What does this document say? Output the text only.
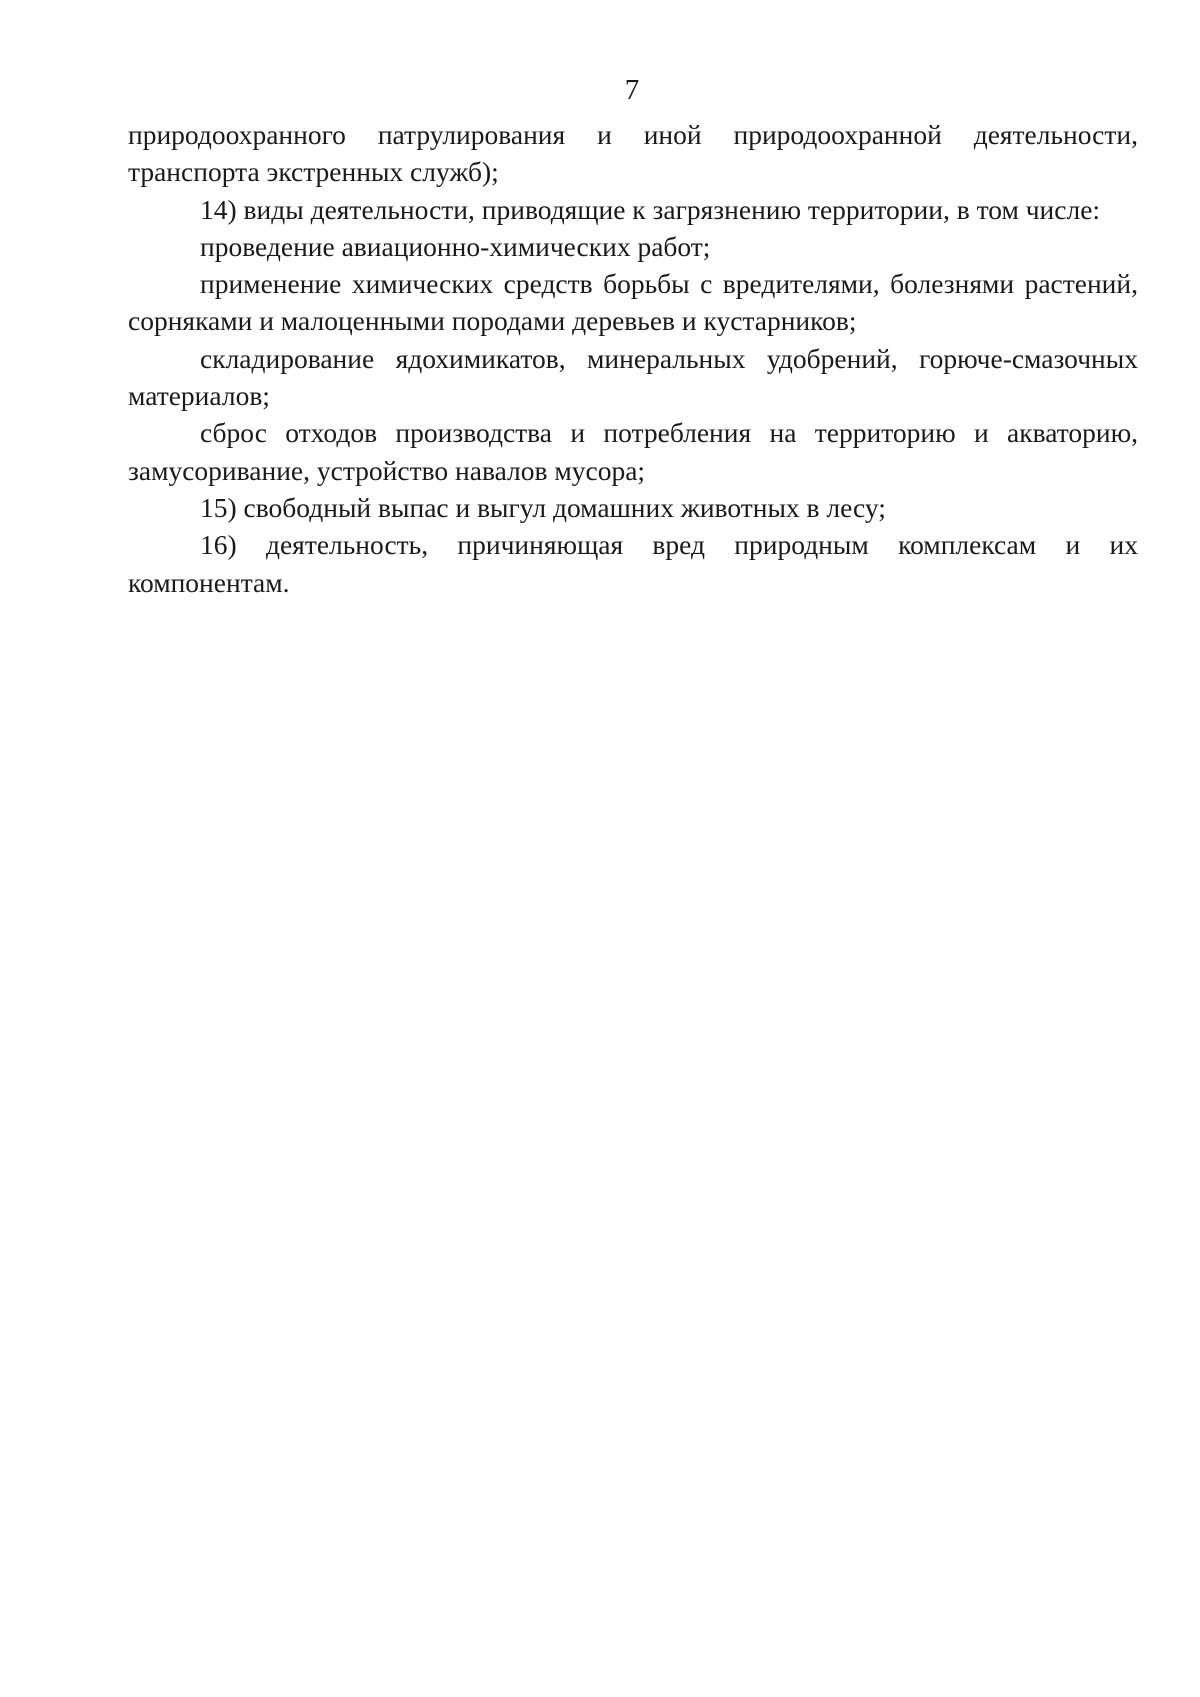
7

природоохранного патрулирования и иной природоохранной деятельности, транспорта экстренных служб);

14) виды деятельности, приводящие к загрязнению территории, в том числе:

проведение авиационно-химических работ;

применение химических средств борьбы с вредителями, болезнями растений, сорняками и малоценными породами деревьев и кустарников;

складирование ядохимикатов, минеральных удобрений, горюче-смазочных материалов;

сброс отходов производства и потребления на территорию и акваторию, замусоривание, устройство навалов мусора;

15) свободный выпас и выгул домашних животных в лесу;

16) деятельность, причиняющая вред природным комплексам и их компонентам.
